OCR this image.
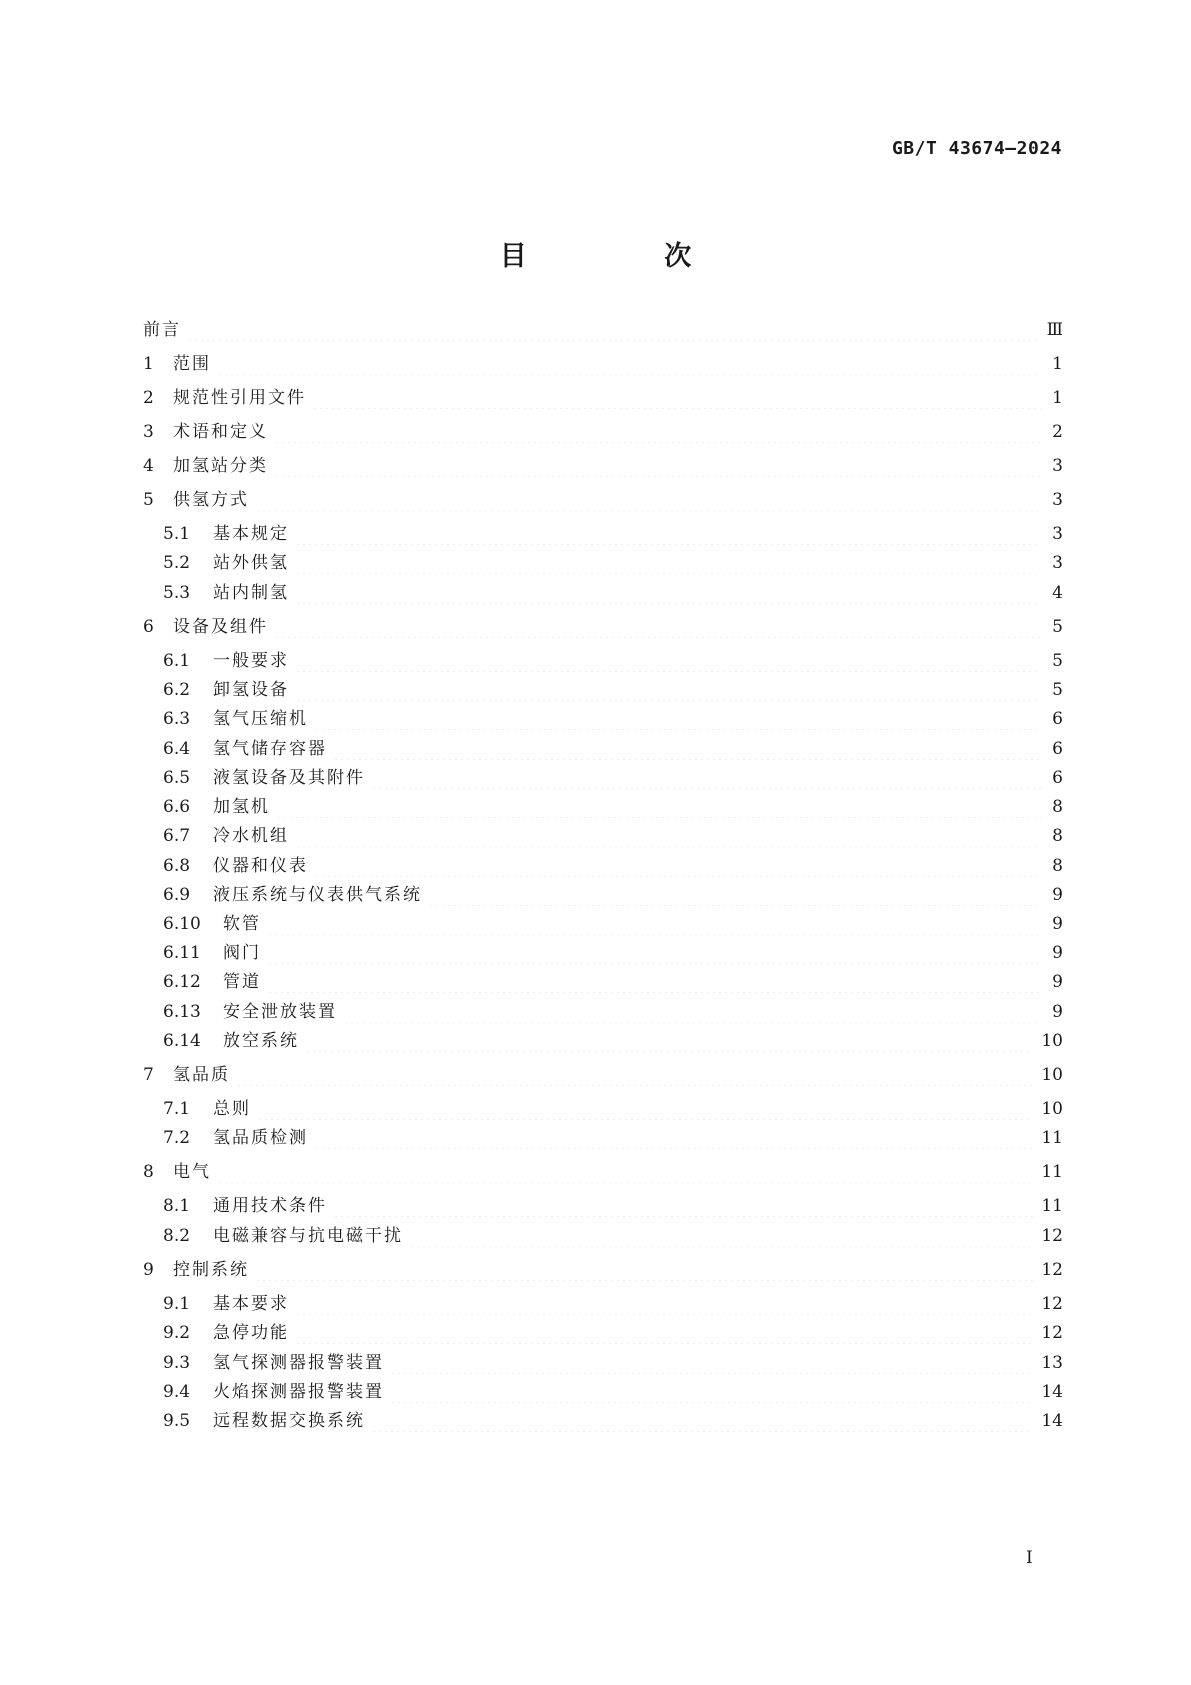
GB/T 43674—2024
目 次
前言	Ⅲ
1	范围	1
2	规范性引用文件	1
3	术语和定义	2
4	加氢站分类	3
5	供氢方式	3
5.1	基本规定	3
5.2	站外供氢	3
5.3	站内制氢	4
6	设备及组件	5
6.1	一般要求	5
6.2	卸氢设备	5
6.3	氢气压缩机	6
6.4	氢气储存容器	6
6.5	液氢设备及其附件	6
6.6	加氢机	8
6.7	冷水机组	8
6.8	仪器和仪表	8
6.9	液压系统与仪表供气系统	9
6.10	软管	9
6.11	阀门	9
6.12	管道	9
6.13	安全泄放装置	9
6.14	放空系统	10
7	氢品质	10
7.1	总则	10
7.2	氢品质检测	11
8	电气	11
8.1	通用技术条件	11
8.2	电磁兼容与抗电磁干扰	12
9	控制系统	12
9.1	基本要求	12
9.2	急停功能	12
9.3	氢气探测器报警装置	13
9.4	火焰探测器报警装置	14
9.5	远程数据交换系统	14
I
